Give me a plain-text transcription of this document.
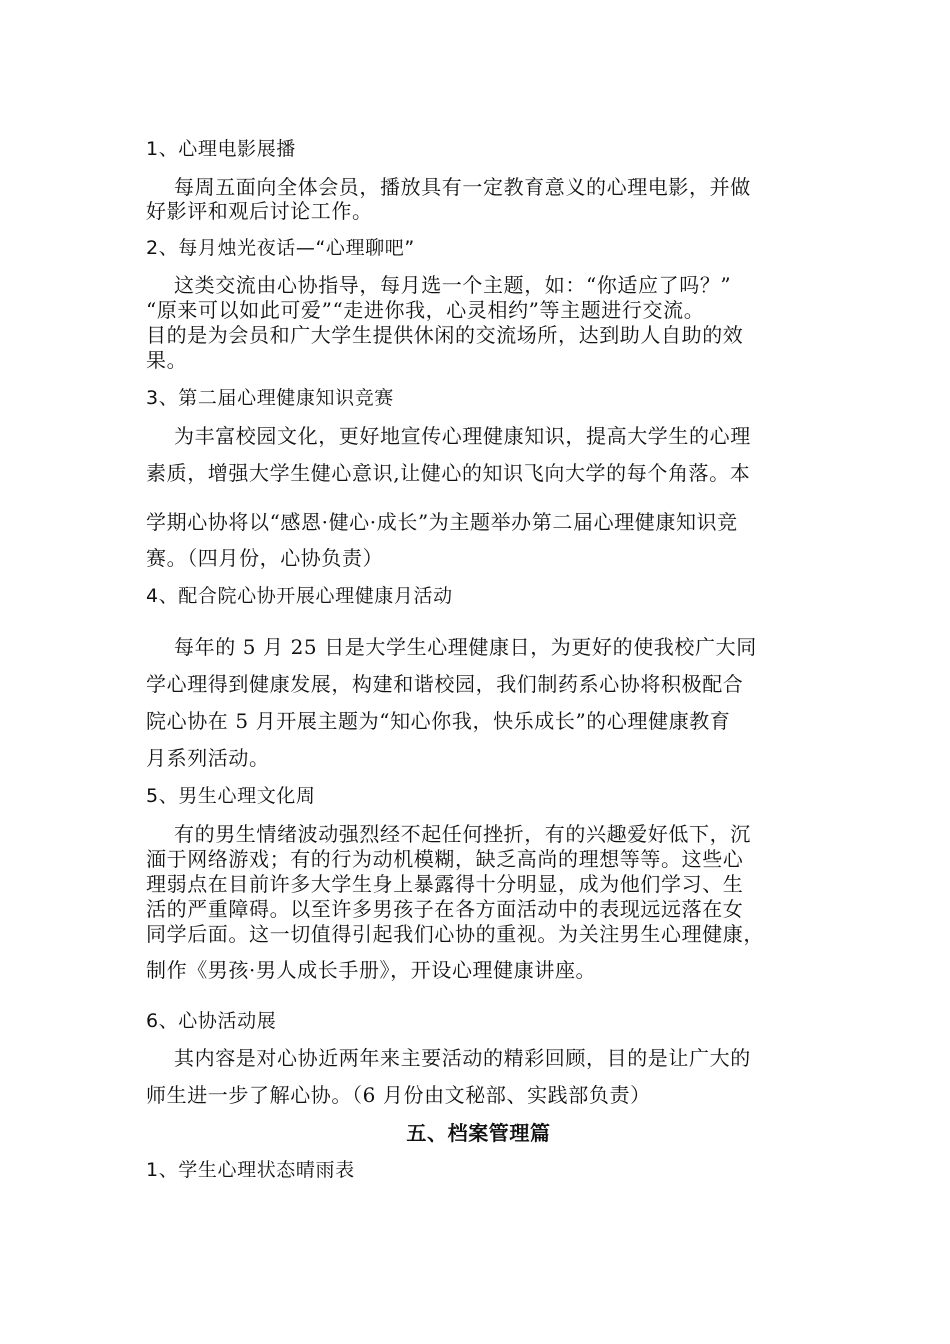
1、心理电影展播
每周五面向全体会员，播放具有一定教育意义的心理电影，并做
好影评和观后讨论工作。
2、每月烛光夜话—“心理聊吧”
这类交流由心协指导，每月选一个主题，如：“你适应了吗？”
“原来可以如此可爱”“走进你我，心灵相约”等主题进行交流。
目的是为会员和广大学生提供休闲的交流场所，达到助人自助的效
果。
3、第二届心理健康知识竞赛
为丰富校园文化，更好地宣传心理健康知识，提高大学生的心理
素质，增强大学生健心意识,让健心的知识飞向大学的每个角落。本
学期心协将以“感恩·健心·成长”为主题举办第二届心理健康知识竞
赛。（四月份，心协负责）
4、配合院心协开展心理健康月活动
每年的 5 月 25 日是大学生心理健康日，为更好的使我校广大同
学心理得到健康发展，构建和谐校园，我们制药系心协将积极配合
院心协在 5 月开展主题为“知心你我，快乐成长”的心理健康教育
月系列活动。
5、男生心理文化周
有的男生情绪波动强烈经不起任何挫折，有的兴趣爱好低下，沉
湎于网络游戏；有的行为动机模糊，缺乏高尚的理想等等。这些心
理弱点在目前许多大学生身上暴露得十分明显，成为他们学习、生
活的严重障碍。以至许多男孩子在各方面活动中的表现远远落在女
同学后面。这一切值得引起我们心协的重视。为关注男生心理健康，
制作《男孩·男人成长手册》，开设心理健康讲座。
6、心协活动展
其内容是对心协近两年来主要活动的精彩回顾，目的是让广大的
师生进一步了解心协。（6 月份由文秘部、实践部负责）
五、档案管理篇
1、学生心理状态晴雨表
